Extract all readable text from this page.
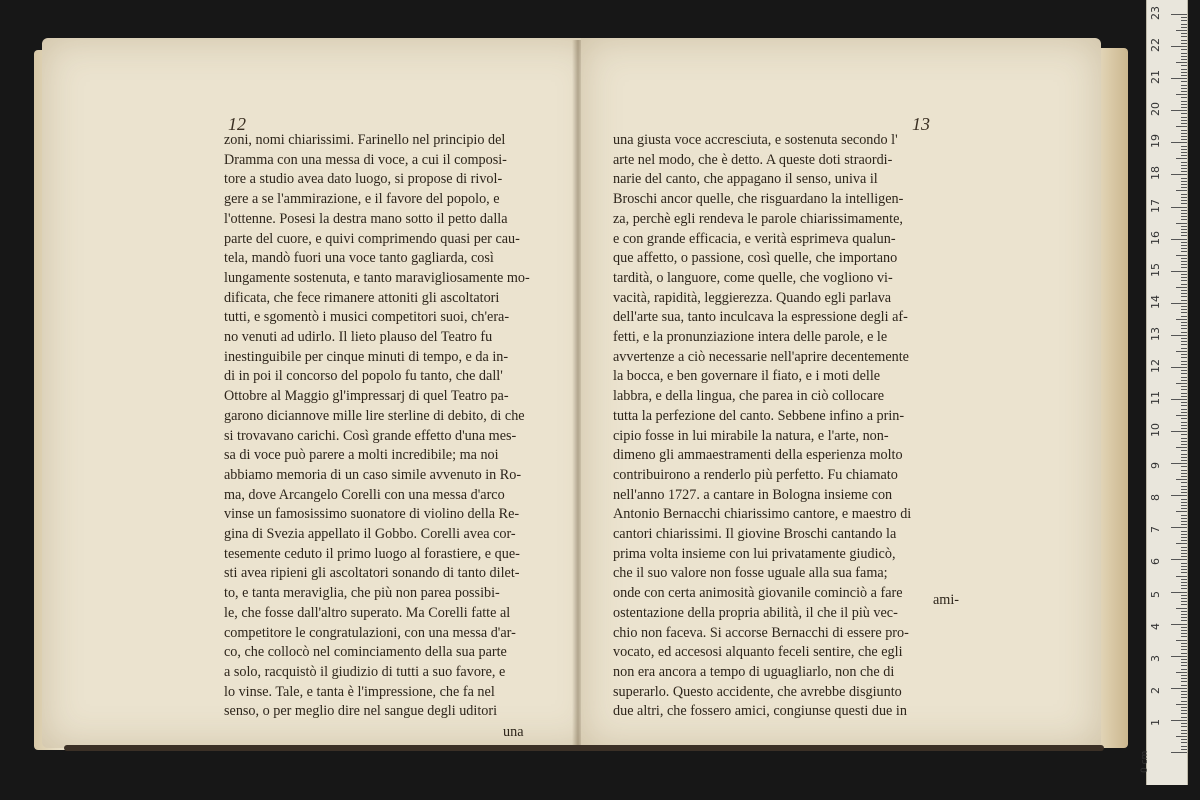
12
zoni, nomi chiarissimi. Farinello nel principio del
Dramma con una messa di voce, a cui il composi-
tore a studio avea dato luogo, si propose di rivol-
gere a se l'ammirazione, e il favore del popolo, e
l'ottenne. Posesi la destra mano sotto il petto dalla
parte del cuore, e quivi comprimendo quasi per cau-
tela, mandò fuori una voce tanto gagliarda, così
lungamente sostenuta, e tanto maravigliosamente mo-
dificata, che fece rimanere attoniti gli ascoltatori
tutti, e sgomentò i musici competitori suoi, ch'era-
no venuti ad udirlo. Il lieto plauso del Teatro fu
inestinguibile per cinque minuti di tempo, e da in-
di in poi il concorso del popolo fu tanto, che dall'
Ottobre al Maggio gl'impressarj di quel Teatro pa-
garono diciannove mille lire sterline di debito, di che
si trovavano carichi. Così grande effetto d'una mes-
sa di voce può parere a molti incredibile; ma noi
abbiamo memoria di un caso simile avvenuto in Ro-
ma, dove Arcangelo Corelli con una messa d'arco
vinse un famosissimo suonatore di violino della Re-
gina di Svezia appellato il Gobbo. Corelli avea cor-
tesemente ceduto il primo luogo al forastiere, e que-
sti avea ripieni gli ascoltatori sonando di tanto dilet-
to, e tanta meraviglia, che più non parea possibi-
le, che fosse dall'altro superato. Ma Corelli fatte al
competitore le congratulazioni, con una messa d'ar-
co, che collocò nel cominciamento della sua parte
a solo, racquistò il giudizio di tutti a suo favore, e
lo vinse. Tale, e tanta è l'impressione, che fa nel
senso, o per meglio dire nel sangue degli uditori
una
13
una giusta voce accresciuta, e sostenuta secondo l'
arte nel modo, che è detto. A queste doti straordi-
narie del canto, che appagano il senso, univa il
Broschi ancor quelle, che risguardano la intelligen-
za, perchè egli rendeva le parole chiarissimamente,
e con grande efficacia, e verità esprimeva qualun-
que affetto, o passione, così quelle, che importano
tardità, o languore, come quelle, che vogliono vi-
vacità, rapidità, leggierezza. Quando egli parlava
dell'arte sua, tanto inculcava la espressione degli af-
fetti, e la pronunziazione intera delle parole, e le
avvertenze a ciò necessarie nell'aprire decentemente
la bocca, e ben governare il fiato, e i moti delle
labbra, e della lingua, che parea in ciò collocare
tutta la perfezione del canto. Sebbene infino a prin-
cipio fosse in lui mirabile la natura, e l'arte, non-
dimeno gli ammaestramenti della esperienza molto
contribuirono a renderlo più perfetto. Fu chiamato
nell'anno 1727. a cantare in Bologna insieme con
Antonio Bernacchi chiarissimo cantore, e maestro di
cantori chiarissimi. Il giovine Broschi cantando la
prima volta insieme con lui privatamente giudicò,
che il suo valore non fosse uguale alla sua fama;
onde con certa animosità giovanile cominciò a fare
ostentazione della propria abilità, il che il più vec-
chio non faceva. Si accorse Bernacchi di essere pro-
vocato, ed accesosi alquanto feceli sentire, che egli
non era ancora a tempo di uguagliarlo, non che di
superarlo. Questo accidente, che avrebbe disgiunto
due altri, che fossero amici, congiunse questi due in
ami-
0 cm
1
2
3
4
5
6
7
8
9
10
11
12
13
14
15
16
17
18
19
20
21
22
23
